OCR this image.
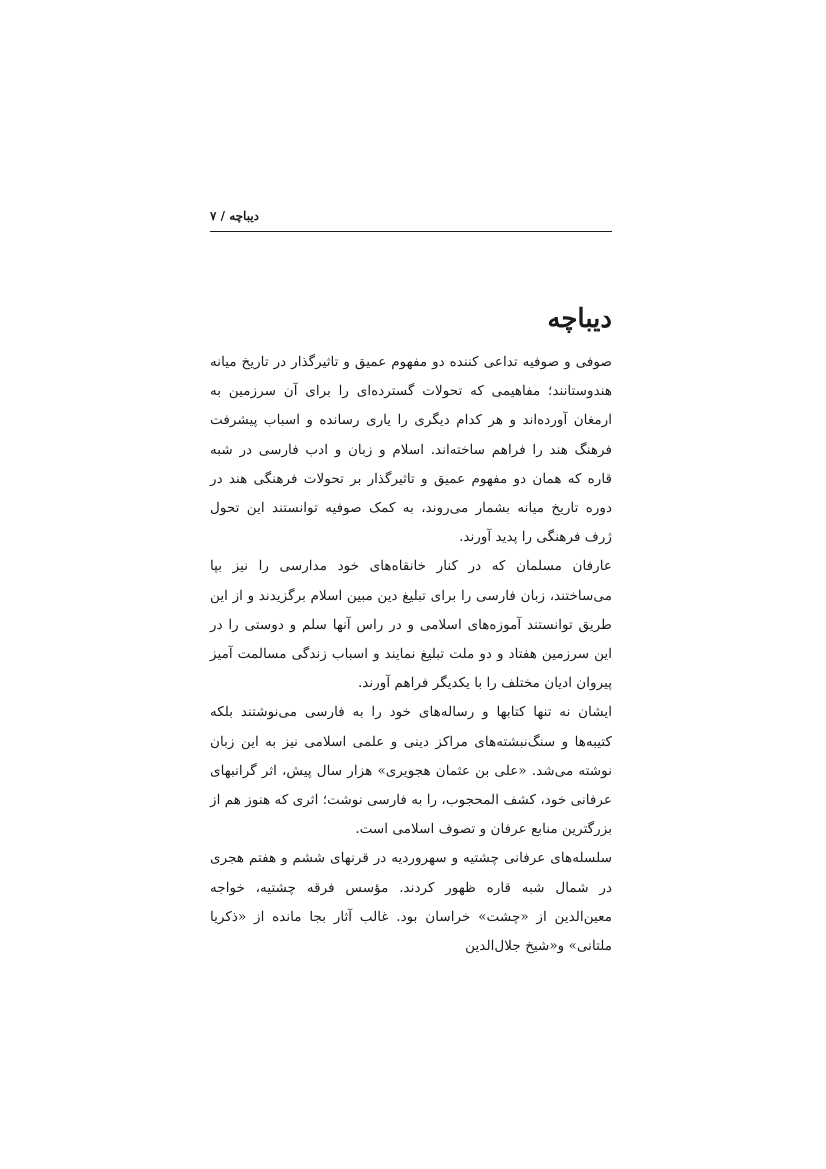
دیباچه / ۷
دیباچه

صوفی و صوفیه تداعی کننده دو مفهوم عمیق و تاثیرگذار در تاریخ میانه هندوستانند؛ مفاهیمی که تحولات گسترده‌ای را برای آن سرزمین به ارمغان آورده‌اند و هر کدام دیگری را یاری رسانده و اسباب پیشرفت فرهنگ هند را فراهم ساخته‌اند. اسلام و زبان و ادب فارسی در شبه قاره که همان دو مفهوم عمیق و تاثیرگذار بر تحولات فرهنگی هند در دوره تاریخ میانه بشمار می‌روند، به کمک صوفیه توانستند این تحول ژرف فرهنگی را پدید آورند.

عارفان مسلمان که در کنار خانقاه‌های خود مدارسی را نیز بپا می‌ساختند، زبان فارسی را برای تبلیغ دین مبین اسلام برگزیدند و از این طریق توانستند آموزه‌های اسلامی و در راس آنها سلم و دوستی را در این سرزمین هفتاد و دو ملت تبلیغ نمایند و اسباب زندگی مسالمت آمیز پیروان ادیان مختلف را با یکدیگر فراهم آورند.

ایشان نه تنها کتابها و رساله‌های خود را به فارسی می‌نوشتند بلکه کتیبه‌ها و سنگ‌نبشته‌های مراکز دینی و علمی اسلامی نیز به این زبان نوشته می‌شد. «علی بن عثمان هجویری» هزار سال پیش، اثر گرانبهای عرفانی خود، کشف المحجوب، را به فارسی نوشت؛ اثری که هنوز هم از بزرگترین منابع عرفان و تصوف اسلامی است.

سلسله‌های عرفانی چشتیه و سهروردیه در قرنهای ششم و هفتم هجری در شمال شبه قاره ظهور کردند. مؤسس فرقه چشتیه، خواجه معین‌الدین از «چشت» خراسان بود. غالب آثار بجا مانده از «ذکریا ملتانی» و«شیخ جلال‌الدین
